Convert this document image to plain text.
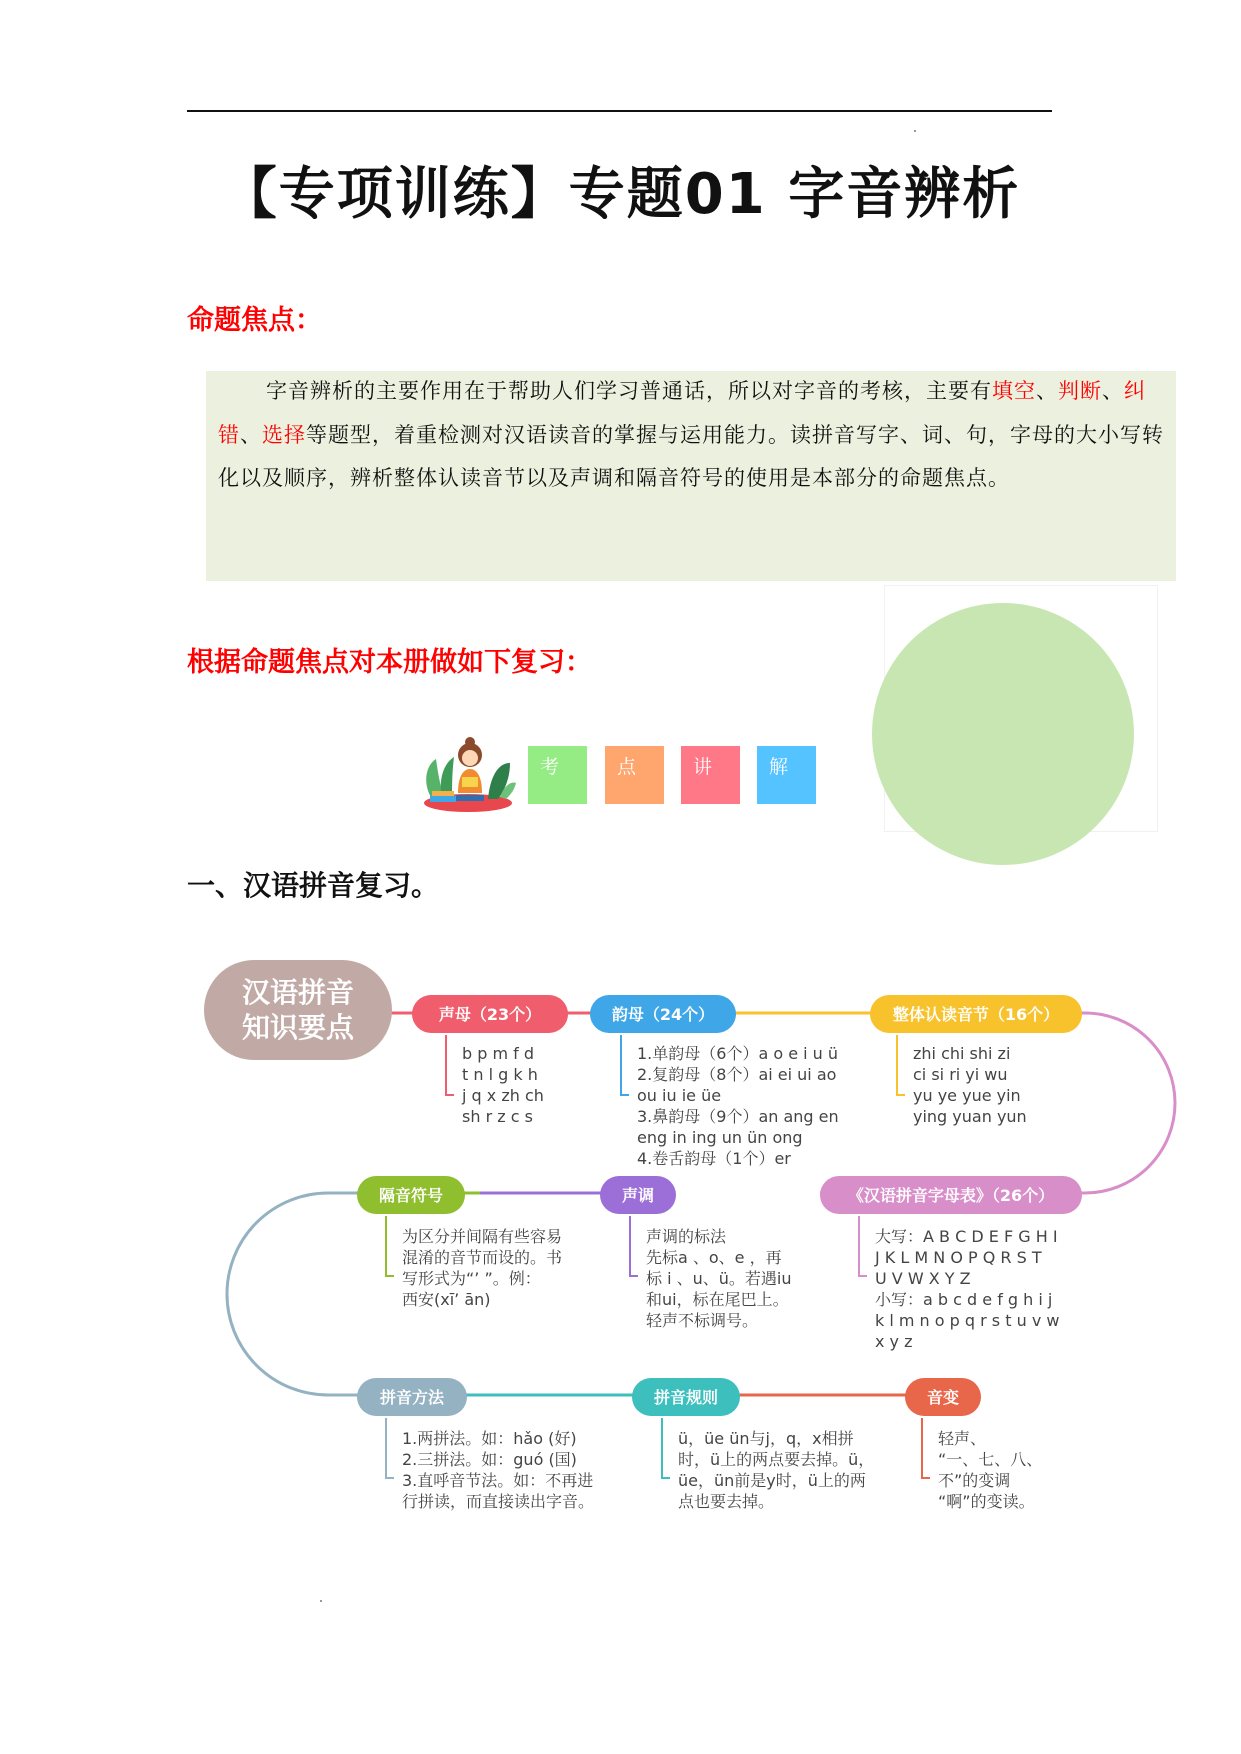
【专项训练】专题01 字音辨析
命题焦点：
字音辨析的主要作用在于帮助人们学习普通话，所以对字音的考核，主要有填空、判断、纠错、选择等题型，着重检测对汉语读音的掌握与运用能力。读拼音写字、词、句，字母的大小写转化以及顺序，辨析整体认读音节以及声调和隔音符号的使用是本部分的命题焦点。
根据命题焦点对本册做如下复习：
考	点	讲	解
一、汉语拼音复习。
汉语拼音
知识要点	声母（23个）
b p m f d
t n l g k h
j q x zh ch
sh r z c s
韵母（24个）
1.单韵母（6个）a o e i u ü
2.复韵母（8个）ai ei ui ao
ou iu ie üe
3.鼻韵母（9个）an ang en
eng in ing un ün ong
4.卷舌韵母（1个）er
整体认读音节（16个）
zhi chi shi zi
ci si ri yi wu
yu ye yue yin
ying yuan yun
隔音符号
为区分并间隔有些容易
混淆的音节而设的。书
写形式为“’ ”。例：
西安(xī’ ān)
声调
声调的标法
先标a 、o、e ，再
标 i 、u、ü。若遇iu
和ui，标在尾巴上。
轻声不标调号。
《汉语拼音字母表》（26个）
大写：A B C D E F G H I
J K L M N O P Q R S T
U V W X Y Z
小写：a b c d e f g h i j
k l m n o p q r s t u v w
x y z
拼音方法
1.两拼法。如：hǎo (好)
2.三拼法。如：guó (国)
3.直呼音节法。如：不再进
行拼读，而直接读出字音。
拼音规则
ü，üe ün与j，q，x相拼
时，ü上的两点要去掉。ü，
üe，ün前是y时，ü上的两
点也要去掉。
音变
轻声、
“一、七、八、
不”的变调
“啊”的变读。
